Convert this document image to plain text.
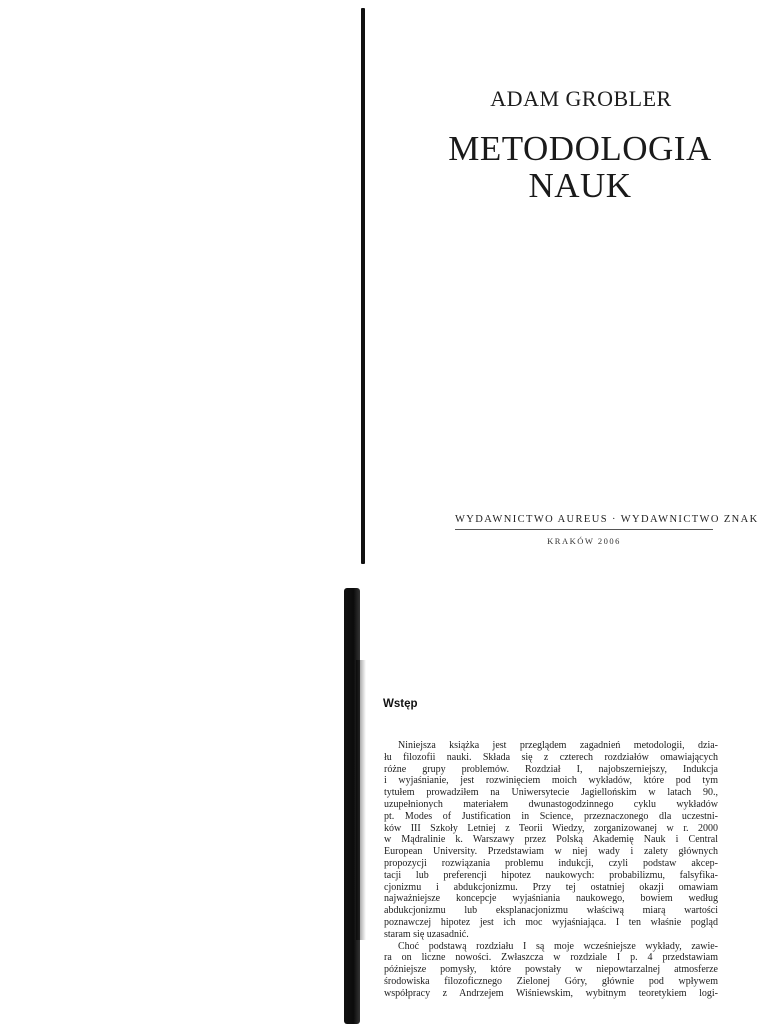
ADAM GROBLER
METODOLOGIA
NAUK
WYDAWNICTWO AUREUS · WYDAWNICTWO ZNAK
KRAKÓW 2006
Wstęp
Niniejsza książka jest przeglądem zagadnień metodologii, dzia-
łu filozofii nauki. Składa się z czterech rozdziałów omawiających
różne grupy problemów. Rozdział I, najobszerniejszy, Indukcja
i wyjaśnianie, jest rozwinięciem moich wykładów, które pod tym
tytułem prowadziłem na Uniwersytecie Jagiellońskim w latach 90.,
uzupełnionych materiałem dwunastogodzinnego cyklu wykładów
pt. Modes of Justification in Science, przeznaczonego dla uczestni-
ków III Szkoły Letniej z Teorii Wiedzy, zorganizowanej w r. 2000
w Mądralinie k. Warszawy przez Polską Akademię Nauk i Central
European University. Przedstawiam w niej wady i zalety głównych
propozycji rozwiązania problemu indukcji, czyli podstaw akcep-
tacji lub preferencji hipotez naukowych: probabilizmu, falsyfika-
cjonizmu i abdukcjonizmu. Przy tej ostatniej okazji omawiam
najważniejsze koncepcje wyjaśniania naukowego, bowiem według
abdukcjonizmu lub eksplanacjonizmu właściwą miarą wartości
poznawczej hipotez jest ich moc wyjaśniająca. I ten właśnie pogląd
staram się uzasadnić.
Choć podstawą rozdziału I są moje wcześniejsze wykłady, zawie-
ra on liczne nowości. Zwłaszcza w rozdziale I p. 4 przedstawiam
późniejsze pomysły, które powstały w niepowtarzalnej atmosferze
środowiska filozoficznego Zielonej Góry, głównie pod wpływem
współpracy z Andrzejem Wiśniewskim, wybitnym teoretykiem logi-
